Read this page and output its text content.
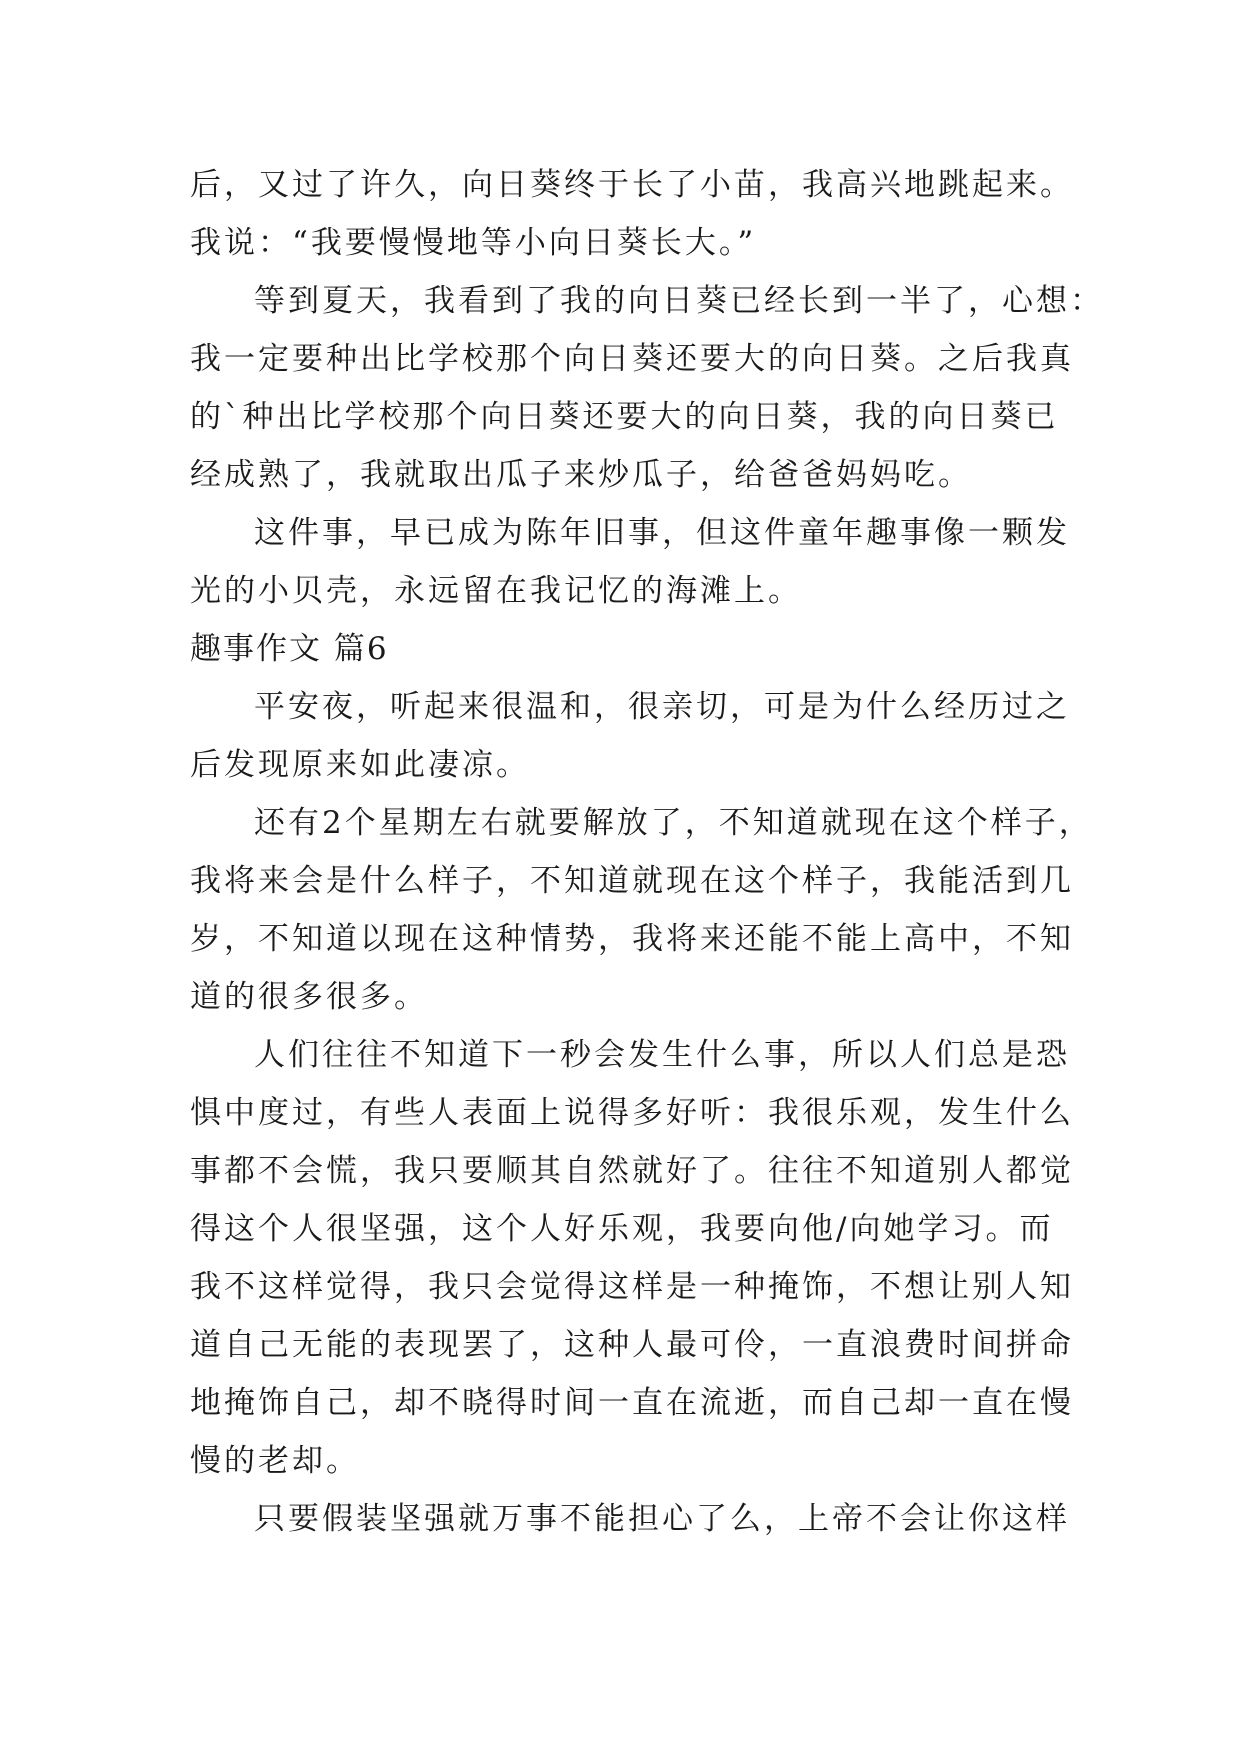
后，又过了许久，向日葵终于长了小苗，我高兴地跳起来。

我说：“我要慢慢地等小向日葵长大。”

等到夏天，我看到了我的向日葵已经长到一半了，心想：

我一定要种出比学校那个向日葵还要大的向日葵。之后我真

的`种出比学校那个向日葵还要大的向日葵，我的向日葵已

经成熟了，我就取出瓜子来炒瓜子，给爸爸妈妈吃。

这件事，早已成为陈年旧事，但这件童年趣事像一颗发

光的小贝壳，永远留在我记忆的海滩上。

趣事作文 篇6

平安夜，听起来很温和，很亲切，可是为什么经历过之

后发现原来如此凄凉。

还有2个星期左右就要解放了，不知道就现在这个样子，

我将来会是什么样子，不知道就现在这个样子，我能活到几

岁，不知道以现在这种情势，我将来还能不能上高中，不知

道的很多很多。

人们往往不知道下一秒会发生什么事，所以人们总是恐

惧中度过，有些人表面上说得多好听：我很乐观，发生什么

事都不会慌，我只要顺其自然就好了。往往不知道别人都觉

得这个人很坚强，这个人好乐观，我要向他/向她学习。而

我不这样觉得，我只会觉得这样是一种掩饰，不想让别人知

道自己无能的表现罢了，这种人最可伶，一直浪费时间拼命

地掩饰自己，却不晓得时间一直在流逝，而自己却一直在慢

慢的老却。

只要假装坚强就万事不能担心了么，上帝不会让你这样
